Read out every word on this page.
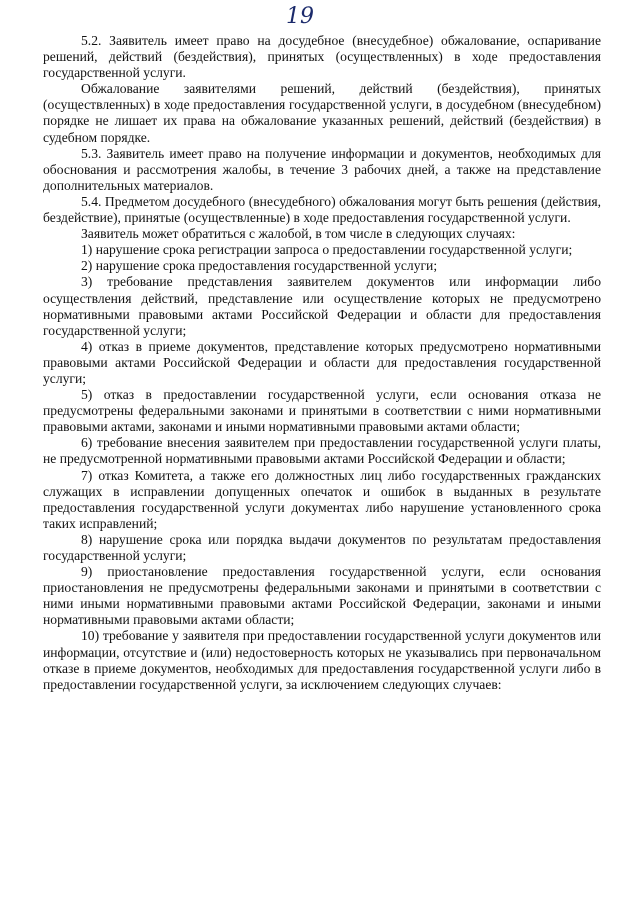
19

5.2. Заявитель имеет право на досудебное (внесудебное) обжалование, оспаривание решений, действий (бездействия), принятых (осуществленных) в ходе предоставления государственной услуги.

Обжалование заявителями решений, действий (бездействия), принятых (осуществленных) в ходе предоставления государственной услуги, в досудебном (внесудебном) порядке не лишает их права на обжалование указанных решений, действий (бездействия) в судебном порядке.

5.3. Заявитель имеет право на получение информации и документов, необходимых для обоснования и рассмотрения жалобы, в течение 3 рабочих дней, а также на представление дополнительных материалов.

5.4. Предметом досудебного (внесудебного) обжалования могут быть решения (действия, бездействие), принятые (осуществленные) в ходе предоставления государственной услуги.

Заявитель может обратиться с жалобой, в том числе в следующих случаях:

1) нарушение срока регистрации запроса о предоставлении государственной услуги;

2) нарушение срока предоставления государственной услуги;

3) требование представления заявителем документов или информации либо осуществления действий, представление или осуществление которых не предусмотрено нормативными правовыми актами Российской Федерации и области для предоставления государственной услуги;

4) отказ в приеме документов, представление которых предусмотрено нормативными правовыми актами Российской Федерации и области для предоставления государственной услуги;

5) отказ в предоставлении государственной услуги, если основания отказа не предусмотрены федеральными законами и принятыми в соответствии с ними нормативными правовыми актами, законами и иными нормативными правовыми актами области;

6) требование внесения заявителем при предоставлении государственной услуги платы, не предусмотренной нормативными правовыми актами Российской Федерации и области;

7) отказ Комитета, а также его должностных лиц либо государственных гражданских служащих в исправлении допущенных опечаток и ошибок в выданных в результате предоставления государственной услуги документах либо нарушение установленного срока таких исправлений;

8) нарушение срока или порядка выдачи документов по результатам предоставления государственной услуги;

9) приостановление предоставления государственной услуги, если основания приостановления не предусмотрены федеральными законами и принятыми в соответствии с ними иными нормативными правовыми актами Российской Федерации, законами и иными нормативными правовыми актами области;

10) требование у заявителя при предоставлении государственной услуги документов или информации, отсутствие и (или) недостоверность которых не указывались при первоначальном отказе в приеме документов, необходимых для предоставления государственной услуги либо в предоставлении государственной услуги, за исключением следующих случаев:
